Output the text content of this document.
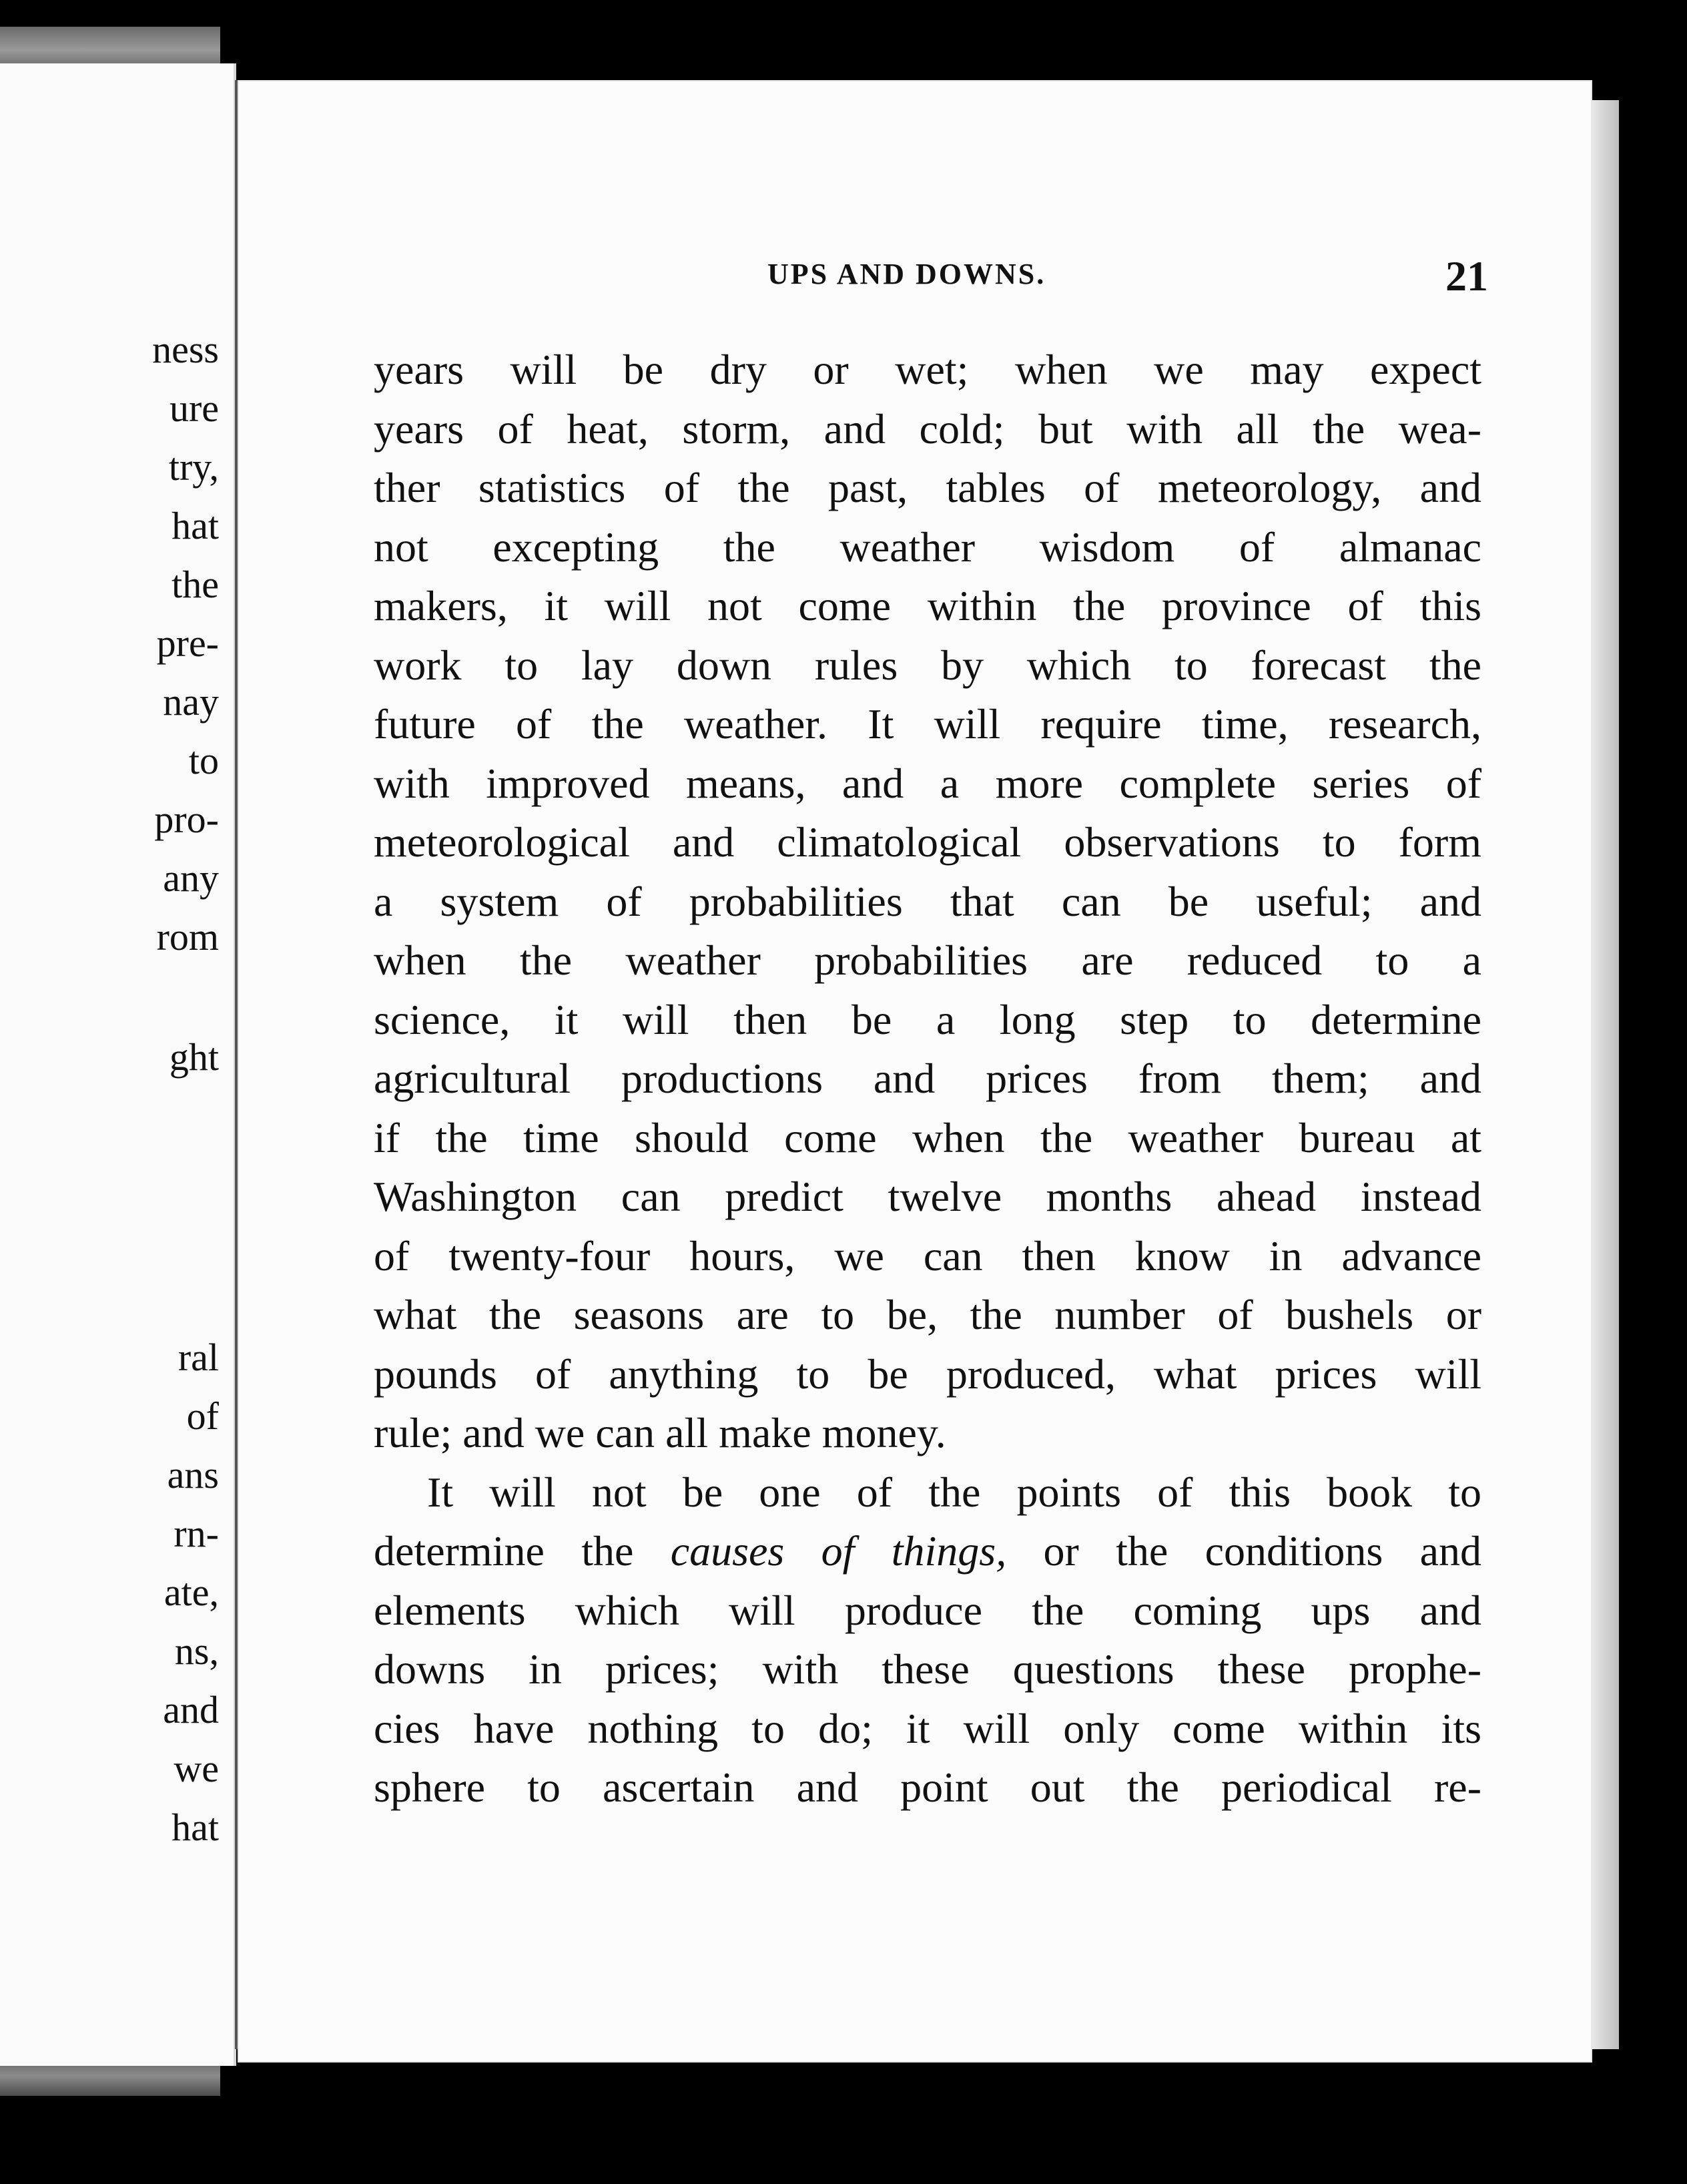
ness
ure
try,
hat
the
pre-
nay
to
pro-
any
rom
ght
ral
of
ans
rn-
ate,
ns,
and
we
hat
UPS AND DOWNS.	21
years will be dry or wet; when we may expect
years of heat, storm, and cold; but with all the wea-
ther statistics of the past, tables of meteorology, and
not excepting the weather wisdom of almanac
makers, it will not come within the province of this
work to lay down rules by which to forecast the
future of the weather. It will require time, research,
with improved means, and a more complete series of
meteorological and climatological observations to form
a system of probabilities that can be useful; and
when the weather probabilities are reduced to a
science, it will then be a long step to determine
agricultural productions and prices from them; and
if the time should come when the weather bureau at
Washington can predict twelve months ahead instead
of twenty-four hours, we can then know in advance
what the seasons are to be, the number of bushels or
pounds of anything to be produced, what prices will
rule; and we can all make money.
It will not be one of the points of this book to
determine the causes of things, or the conditions and
elements which will produce the coming ups and
downs in prices; with these questions these prophe-
cies have nothing to do; it will only come within its
sphere to ascertain and point out the periodical re-
